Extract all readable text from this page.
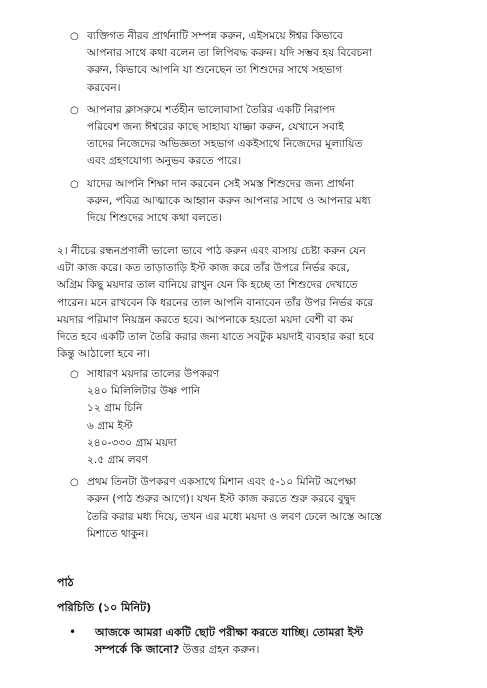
○ ব্যক্তিগত নীরব প্রার্থনাটি সম্পন্ন করুন, এইসময়ে ঈশ্বর কিভাবে
আপনার সাথে কথা বলেন তা লিপিবদ্ধ করুন। যদি সম্ভব হয় বিবেচনা
করুন, কিভাবে আপনি যা শুনেছেন তা শিশুদের সাথে সহভাগ
করবেন।
○ আপনার ক্লাসরুমে শর্তহীন ভালোবাসা তৈরির একটি নিরাপদ
পরিবেশ জন্য ঈশ্বরের কাছে সাহায্য যাচ্ঞা করুন, যেখানে সবাই
তাদের নিজেদের অভিজ্ঞতা সহভাগ একইসাথে নিজেদের মূল্যায়িত
এবং গ্রহণযোগ্য অনুভব করতে পারে।
○ যাদের আপনি শিক্ষা দান করবেন সেই সমস্ত শিশুদের জন্য প্রার্থনা
করুন, পবিত্র আত্মাকে আহ্বান করুন আপনার সাথে ও আপনার মধ্য
দিয়ে শিশুদের সাথে কথা বলতে।
২। নীচের রন্ধনপ্রণালী ভালো ভাবে পাঠ করুন এবং বাসায় চেষ্টা করুন যেন
এটা কাজ করে। কত তাড়াতাড়ি ইস্ট কাজ করে তাঁর উপরে নির্ভর করে,
অগ্রিম কিছু ময়দার তাল বানিয়ে রাখুন যেন কি হচ্ছে তা শিশুদের দেখাতে
পারেন। মনে রাখবেন কি ধরনের তাল আপনি বানাবেন তাঁর উপর নির্ভর করে
ময়দার পরিমাণ নিয়ন্ত্রন করতে হবে। আপনাকে হয়তো ময়দা বেশী বা কম
দিতে হবে একটি তাল তৈরি করার জন্য যাতে সবটুক ময়দাই ব্যবহার করা হবে
কিন্তু আঠালো হবে না।
○ সাধারণ ময়দার তালের উপকরণ
২৪০ মিলিলিটার উষ্ণ পানি
১২ গ্রাম চিনি
৬ গ্রাম ইস্ট
২৪০-৩৩০ গ্রাম ময়দা
২.৫ গ্রাম লবণ
○ প্রথম তিনটা উপকরণ একসাথে মিশান এবং ৫-১০ মিনিট অপেক্ষা
করুন (পাঠ শুরুর আগে)। যখন ইস্ট কাজ করতে শুরু করবে বুদ্বুদ
তৈরি করার মধ্য দিয়ে, তখন এর মধ্যে ময়দা ও লবণ ঢেলে আস্তে আস্তে
মিশাতে থাকুন।
পাঠ
পরিচিতি (১০ মিনিট)
• আজকে আমরা একটি ছোট পরীক্ষা করতে যাচ্ছি। তোমরা ইস্ট
সম্পর্কে কি জানো? উত্তর গ্রহন করুন।
